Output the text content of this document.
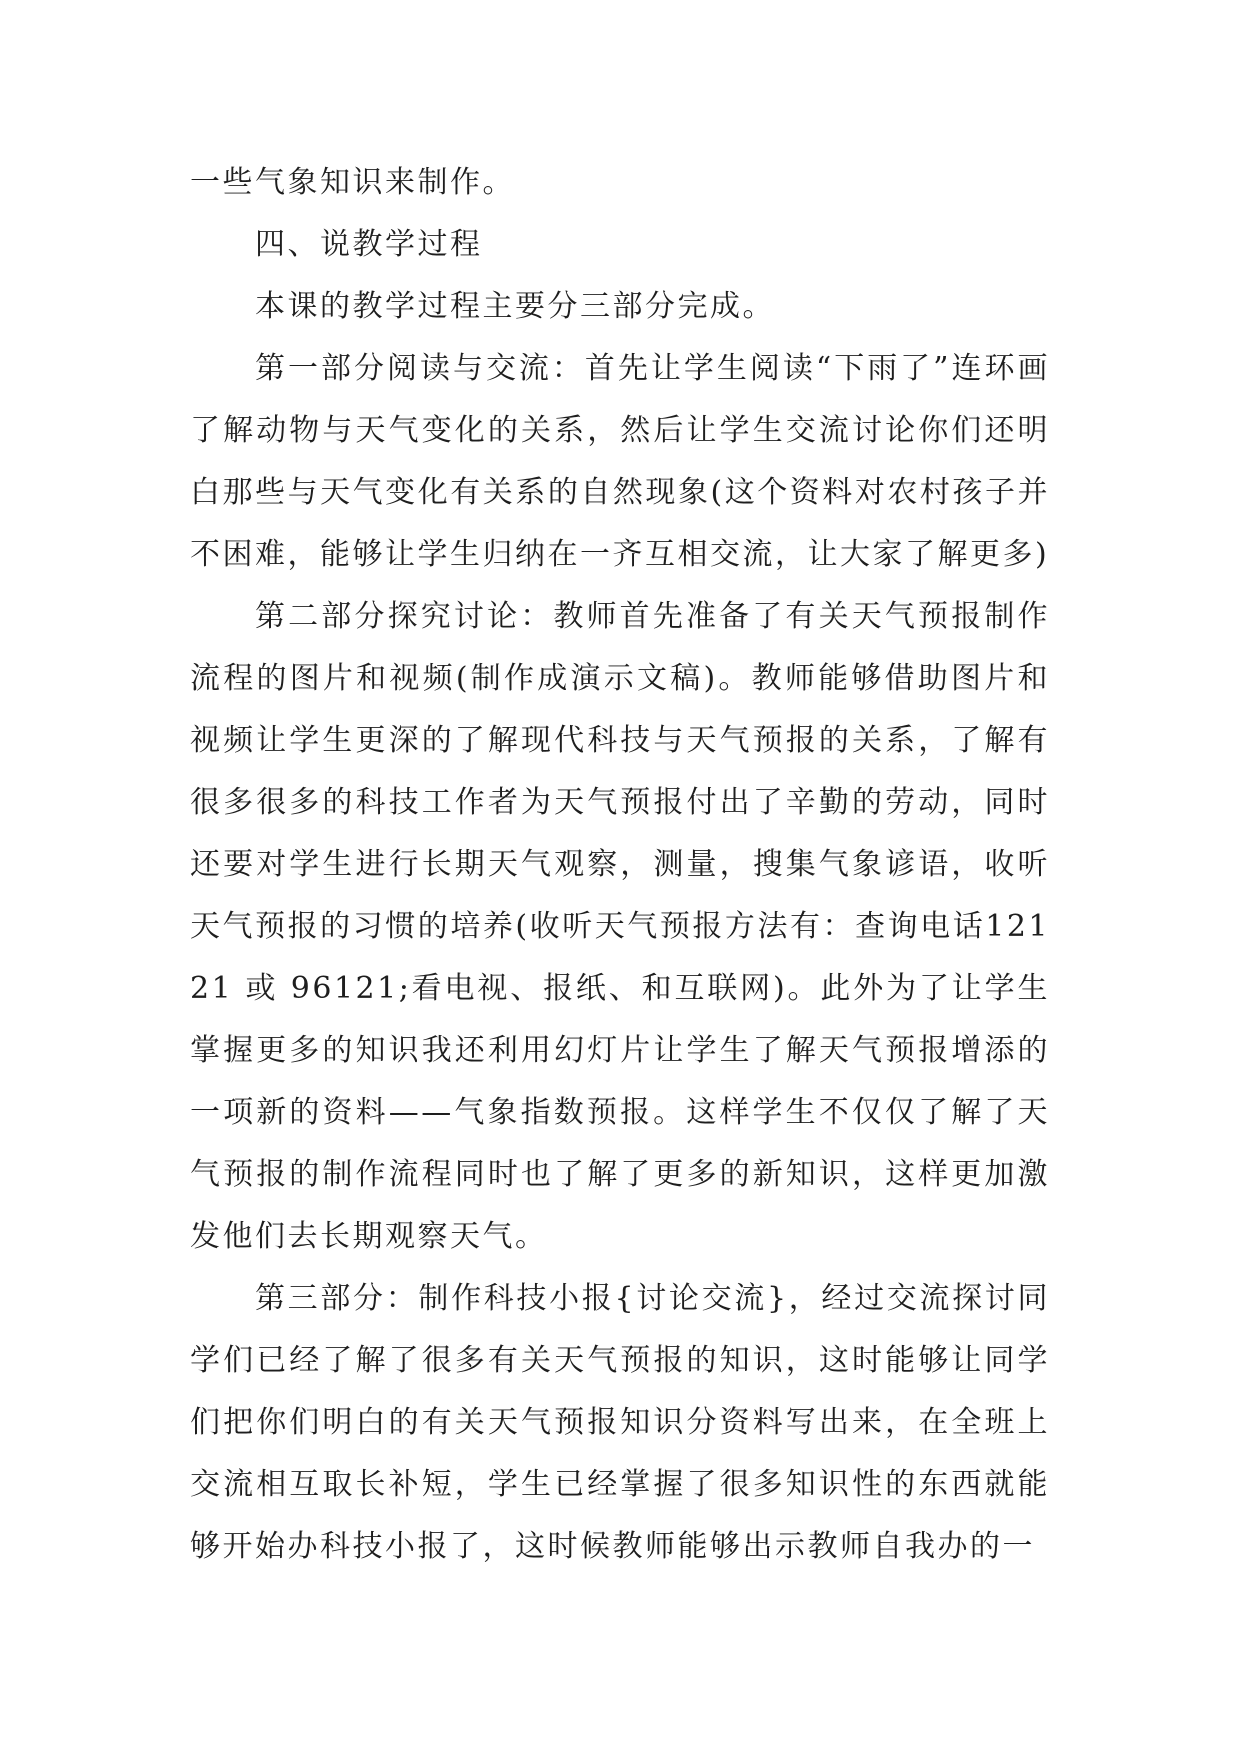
一些气象知识来制作。

四、说教学过程

本课的教学过程主要分三部分完成。

第一部分阅读与交流：首先让学生阅读“下雨了”连环画了解动物与天气变化的关系，然后让学生交流讨论你们还明白那些与天气变化有关系的自然现象(这个资料对农村孩子并不困难，能够让学生归纳在一齐互相交流，让大家了解更多)

第二部分探究讨论：教师首先准备了有关天气预报制作流程的图片和视频(制作成演示文稿)。教师能够借助图片和视频让学生更深的了解现代科技与天气预报的关系，了解有很多很多的科技工作者为天气预报付出了辛勤的劳动，同时还要对学生进行长期天气观察，测量，搜集气象谚语，收听天气预报的习惯的培养(收听天气预报方法有：查询电话12121 或 96121;看电视、报纸、和互联网)。此外为了让学生掌握更多的知识我还利用幻灯片让学生了解天气预报增添的一项新的资料——气象指数预报。这样学生不仅仅了解了天气预报的制作流程同时也了解了更多的新知识，这样更加激发他们去长期观察天气。

第三部分：制作科技小报{讨论交流}，经过交流探讨同学们已经了解了很多有关天气预报的知识，这时能够让同学们把你们明白的有关天气预报知识分资料写出来，在全班上交流相互取长补短，学生已经掌握了很多知识性的东西就能够开始办科技小报了，这时候教师能够出示教师自我办的一
